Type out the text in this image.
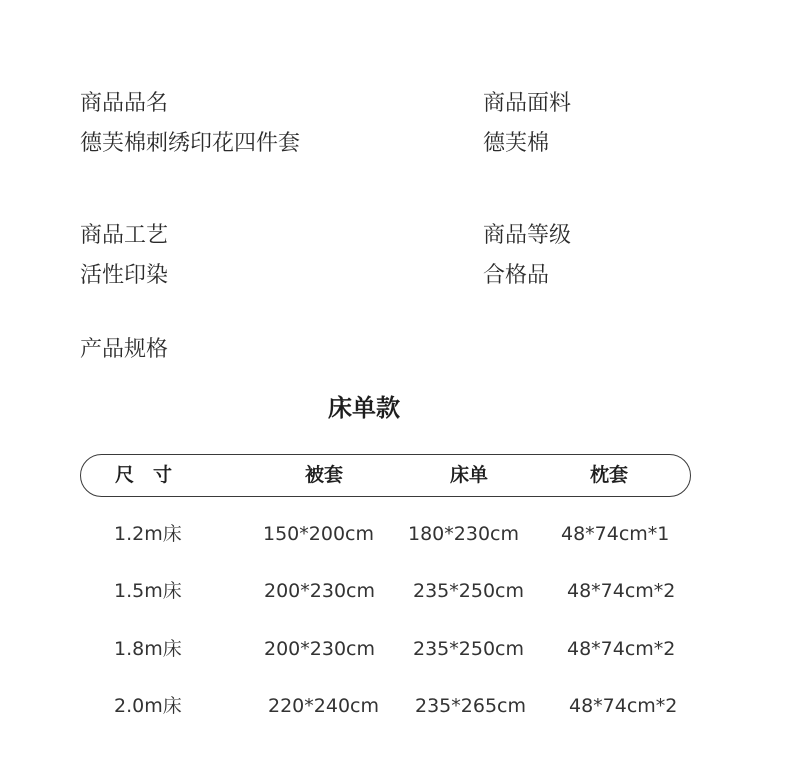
商品品名
德芙棉刺绣印花四件套
商品面料
德芙棉
商品工艺
活性印染
商品等级
合格品
产品规格
床单款
尺　寸	被套	床单	枕套
1.2m床	150*200cm 180*230cm 48*74cm*1
1.5m床	200*230cm 235*250cm 48*74cm*2
1.8m床	200*230cm 235*250cm 48*74cm*2
2.0m床	220*240cm 235*265cm 48*74cm*2
